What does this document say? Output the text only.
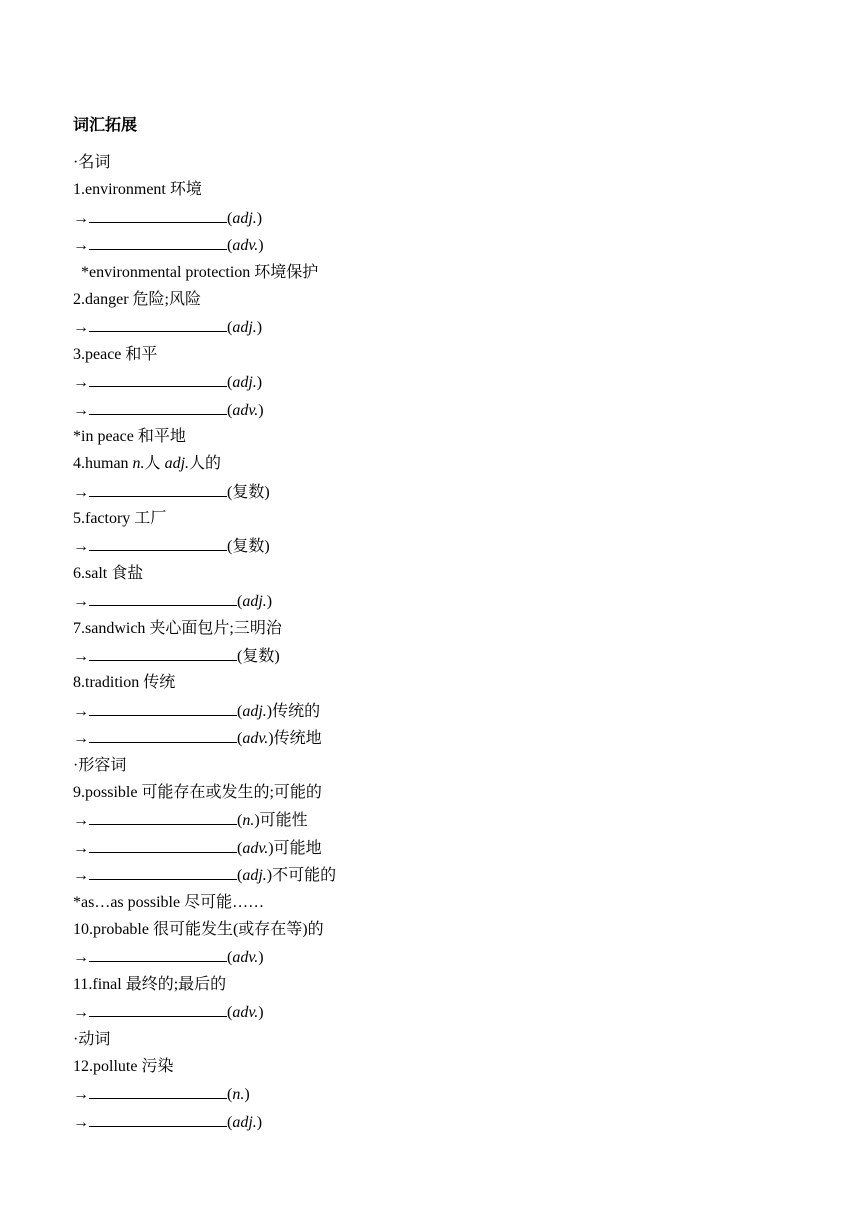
词汇拓展
·名词
1.environment 环境
→	(adj.)
→	(adv.)
*environmental protection 环境保护
2.danger 危险;风险
→	(adj.)
3.peace 和平
→	(adj.)
→	(adv.)
*in peace 和平地
4.human n.人 adj.人的
→	(复数)
5.factory 工厂
→	(复数)
6.salt 食盐
→	(adj.)
7.sandwich 夹心面包片;三明治
→	(复数)
8.tradition 传统
→	(adj.)传统的
→	(adv.)传统地
·形容词
9.possible 可能存在或发生的;可能的
→	(n.)可能性
→	(adv.)可能地
→	(adj.)不可能的
*as…as possible 尽可能……
10.probable 很可能发生(或存在等)的
→	(adv.)
11.final 最终的;最后的
→	(adv.)
·动词
12.pollute 污染
→	(n.)
→	(adj.)
